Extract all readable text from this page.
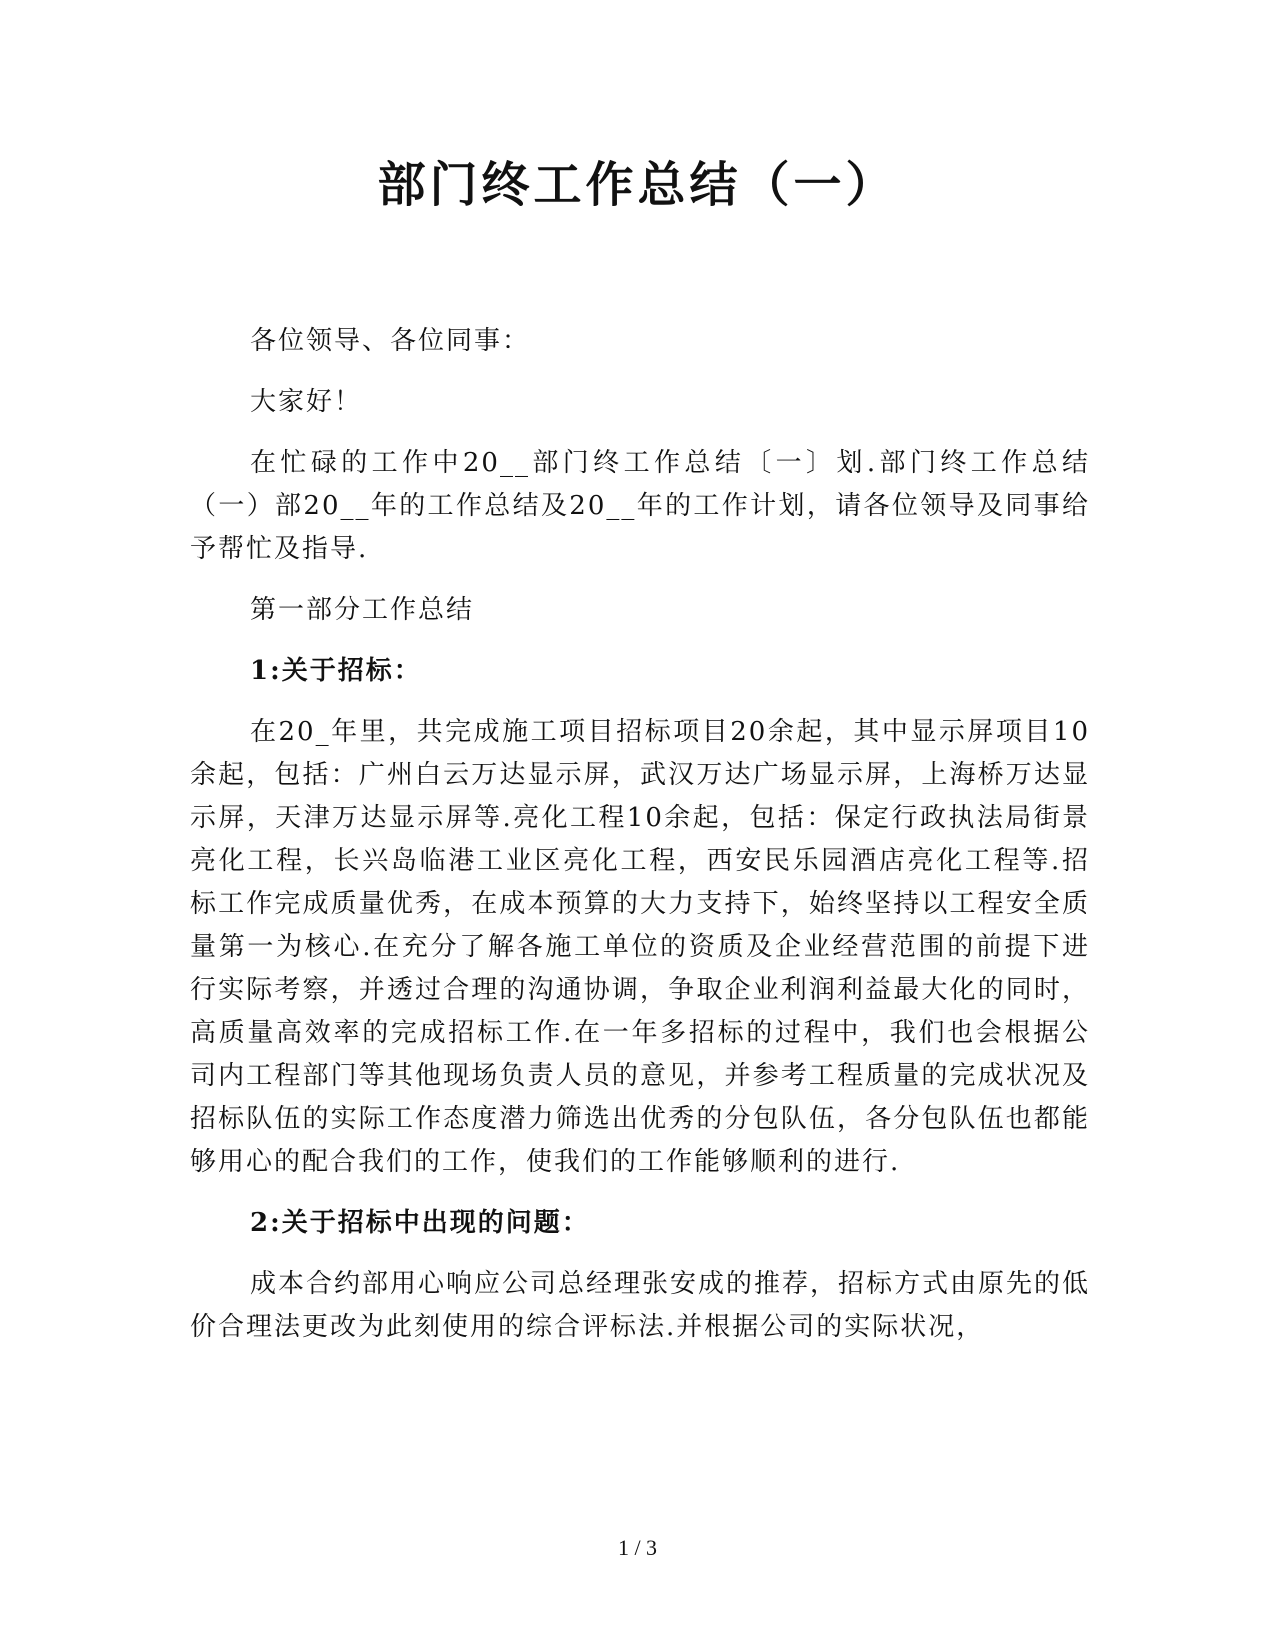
部门终工作总结（一）

各位领导、各位同事：

大家好！

在忙碌的工作中20__部门终工作总结〔一〕划.部门终工作总结（一）部20__年的工作总结及20__年的工作计划，请各位领导及同事给予帮忙及指导.

第一部分工作总结

1:关于招标：

在20_年里，共完成施工项目招标项目20余起，其中显示屏项目10余起，包括：广州白云万达显示屏，武汉万达广场显示屏，上海桥万达显示屏，天津万达显示屏等.亮化工程10余起，包括：保定行政执法局街景亮化工程，长兴岛临港工业区亮化工程，西安民乐园酒店亮化工程等.招标工作完成质量优秀，在成本预算的大力支持下，始终坚持以工程安全质量第一为核心.在充分了解各施工单位的资质及企业经营范围的前提下进行实际考察，并透过合理的沟通协调，争取企业利润利益最大化的同时，高质量高效率的完成招标工作.在一年多招标的过程中，我们也会根据公司内工程部门等其他现场负责人员的意见，并参考工程质量的完成状况及招标队伍的实际工作态度潜力筛选出优秀的分包队伍，各分包队伍也都能够用心的配合我们的工作，使我们的工作能够顺利的进行.

2:关于招标中出现的问题：

成本合约部用心响应公司总经理张安成的推荐，招标方式由原先的低价合理法更改为此刻使用的综合评标法.并根据公司的实际状况，

1 / 3
